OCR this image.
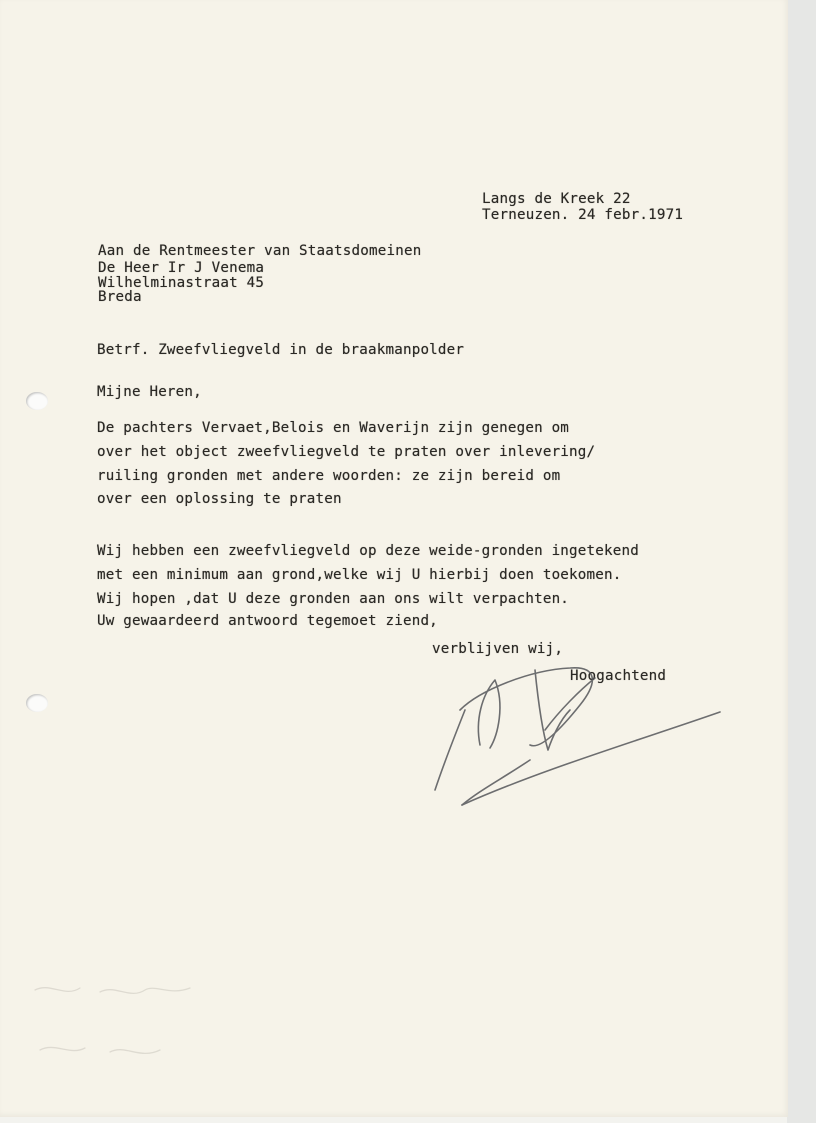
Langs de Kreek 22

Terneuzen. 24 febr.1971

Aan de Rentmeester van Staatsdomeinen

De Heer Ir J Venema

Wilhelminastraat 45

Breda

Betrf. Zweefvliegveld in de braakmanpolder

Mijne Heren,

De pachters Vervaet,Belois en Waverijn zijn genegen om

over het object zweefvliegveld te praten over inlevering/

ruiling gronden met andere woorden: ze zijn bereid om

over een oplossing te praten

Wij hebben een zweefvliegveld op deze weide-gronden ingetekend

met een minimum aan grond,welke wij U hierbij doen toekomen.

Wij hopen ,dat U deze gronden aan ons wilt verpachten.

Uw gewaardeerd antwoord tegemoet ziend,

verblijven wij,

Hoogachtend
